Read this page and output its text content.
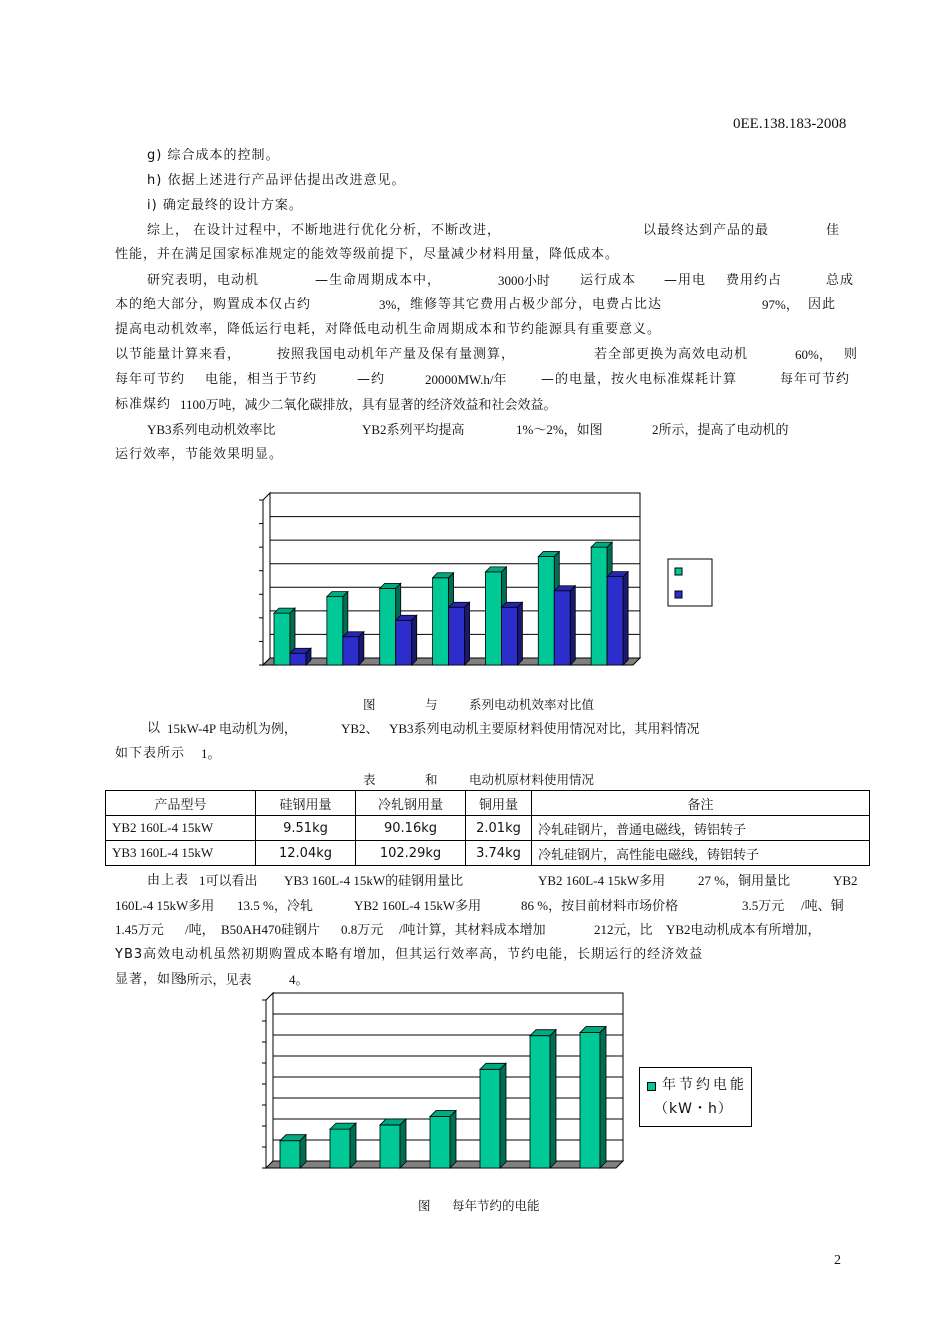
0EE.138.183-2008
g) 综合成本的控制。
h) 依据上述进行产品评估提出改进意见。
i) 确定最终的设计方案。
综上， 在设计过程中，不断地进行优化分析，不断改进，	以最终达到产品的最	佳
性能，并在满足国家标准规定的能效等级前提下，尽量减少材料用量，降低成本。
研究表明，电动机	—生命周期成本中，	3000小时 运行成本 —用电 费用约占	总成
本的绝大部分，购置成本仅占约	3%， 维修等其它费用占极少部分，电费占比达	97%， 因此
提高电动机效率，降低运行电耗，对降低电动机生命周期成本和节约能源具有重要意义。
以节能量计算来看，	按照我国电动机年产量及保有量测算，	若全部更换为高效电动机	60%， 则
每年可节约 电能，相当于节约	—约	20000MW.h/年	—的电量，按火电标准煤耗计算	每年可节约
标准煤约 1100万吨，减少二氧化碳排放，具有显著的经济效益和社会效益。
YB3系列电动机效率比	YB2系列平均提高	1%～2%，如图	2所示，提高了电动机的
运行效率，节能效果明显。
图	与	系列电动机效率对比值
以 15kW-4P 电动机为例，	YB2、 YB3系列电动机主要原材料使用情况对比，其用料情况
如下表所示 1。
表	和	电动机原材料使用情况
产品型号	硅钢用量	冷轧钢用量	铜用量	备注
YB2 160L-4 15kW	9.51kg	90.16kg	2.01kg	冷轧硅钢片，普通电磁线，铸铝转子
YB3 160L-4 15kW	12.04kg	102.29kg	3.74kg	冷轧硅钢片，高性能电磁线，铸铝转子
由上表 1可以看出 YB3 160L-4 15kW的硅钢用量比	YB2 160L-4 15kW多用	27 %，铜用量比	YB2
160L-4 15kW多用 13.5 %，冷轧	YB2 160L-4 15kW多用	86 %，按目前材料市场价格	3.5万元 /吨、铜
1.45万元 /吨， B50AH470硅钢片 0.8万元 /吨计算，其材料成本增加	212元，比 YB2电动机成本有所增加，
YB3高效电动机虽然初期购置成本略有增加，但其运行效率高，节约电能，长期运行的经济效益
显著，如图
3所示，见表	4。
年节约电能
（kW・h）
图 每年节约的电能
2
